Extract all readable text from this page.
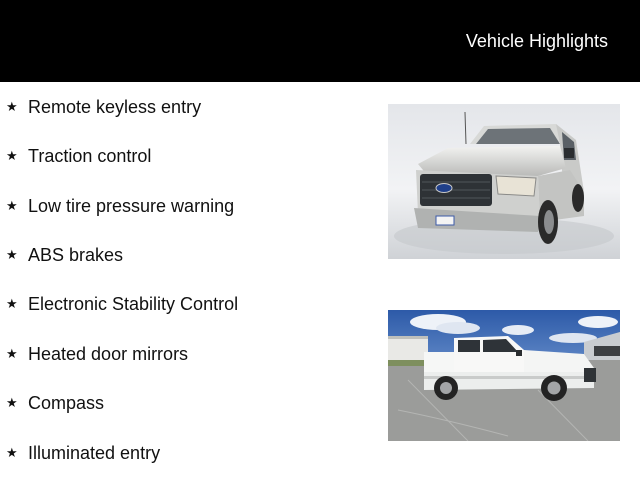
Vehicle Highlights
★ Remote keyless entry
★ Traction control
★ Low tire pressure warning
★ ABS brakes
★ Electronic Stability Control
★ Heated door mirrors
★ Compass
★ Illuminated entry
